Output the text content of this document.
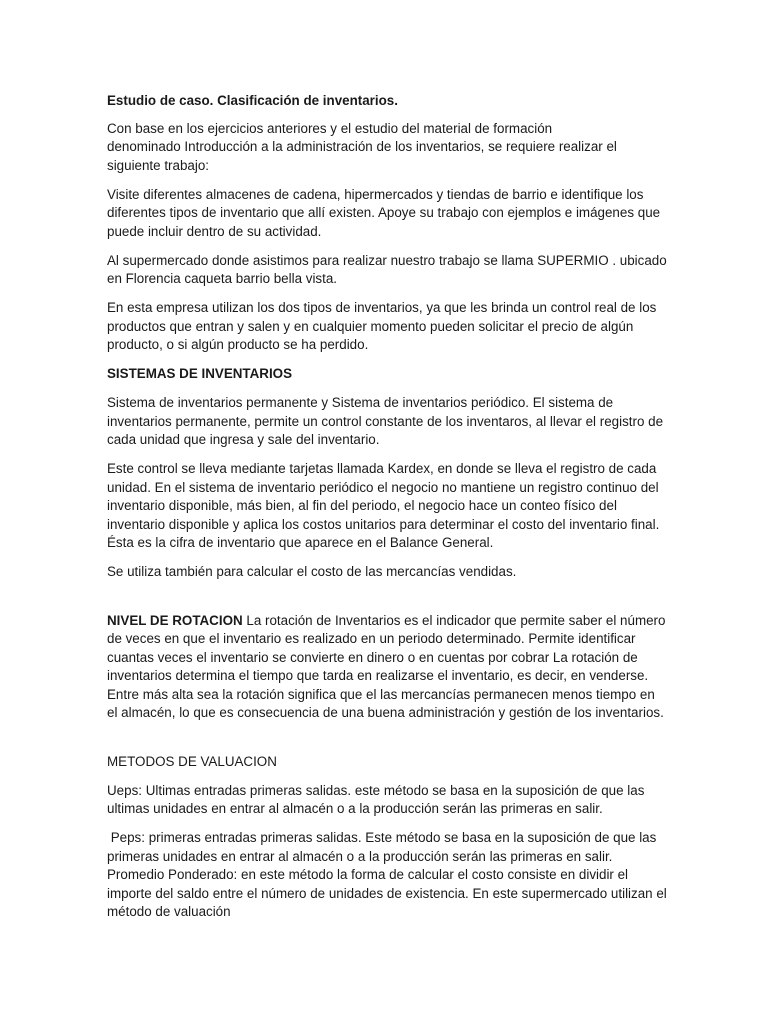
Estudio de caso. Clasificación de inventarios.

Con base en los ejercicios anteriores y el estudio del material de formación
denominado Introducción a la administración de los inventarios, se requiere realizar el siguiente trabajo:

Visite diferentes almacenes de cadena, hipermercados y tiendas de barrio e identifique los diferentes tipos de inventario que allí existen. Apoye su trabajo con ejemplos e imágenes que puede incluir dentro de su actividad.

Al supermercado donde asistimos para realizar nuestro trabajo se llama SUPERMIO . ubicado en Florencia caqueta barrio bella vista.

En esta empresa utilizan los dos tipos de inventarios, ya que les brinda un control real de los productos que entran y salen y en cualquier momento pueden solicitar el precio de algún producto, o si algún producto se ha perdido.

SISTEMAS DE INVENTARIOS

Sistema de inventarios permanente y Sistema de inventarios periódico. El sistema de inventarios permanente, permite un control constante de los inventaros, al llevar el registro de cada unidad que ingresa y sale del inventario.

Este control se lleva mediante tarjetas llamada Kardex, en donde se lleva el registro de cada unidad. En el sistema de inventario periódico el negocio no mantiene un registro continuo del inventario disponible, más bien, al fin del periodo, el negocio hace un conteo físico del inventario disponible y aplica los costos unitarios para determinar el costo del inventario final. Ésta es la cifra de inventario que aparece en el Balance General.

Se utiliza también para calcular el costo de las mercancías vendidas.

NIVEL DE ROTACION La rotación de Inventarios es el indicador que permite saber el número de veces en que el inventario es realizado en un periodo determinado. Permite identificar cuantas veces el inventario se convierte en dinero o en cuentas por cobrar La rotación de inventarios determina el tiempo que tarda en realizarse el inventario, es decir, en venderse. Entre más alta sea la rotación significa que el las mercancías permanecen menos tiempo en el almacén, lo que es consecuencia de una buena administración y gestión de los inventarios.

METODOS DE VALUACION

Ueps: Ultimas entradas primeras salidas. este método se basa en la suposición de que las ultimas unidades en entrar al almacén o a la producción serán las primeras en salir.

Peps: primeras entradas primeras salidas. Este método se basa en la suposición de que las primeras unidades en entrar al almacén o a la producción serán las primeras en salir. Promedio Ponderado: en este método la forma de calcular el costo consiste en dividir el importe del saldo entre el número de unidades de existencia. En este supermercado utilizan el método de valuación
